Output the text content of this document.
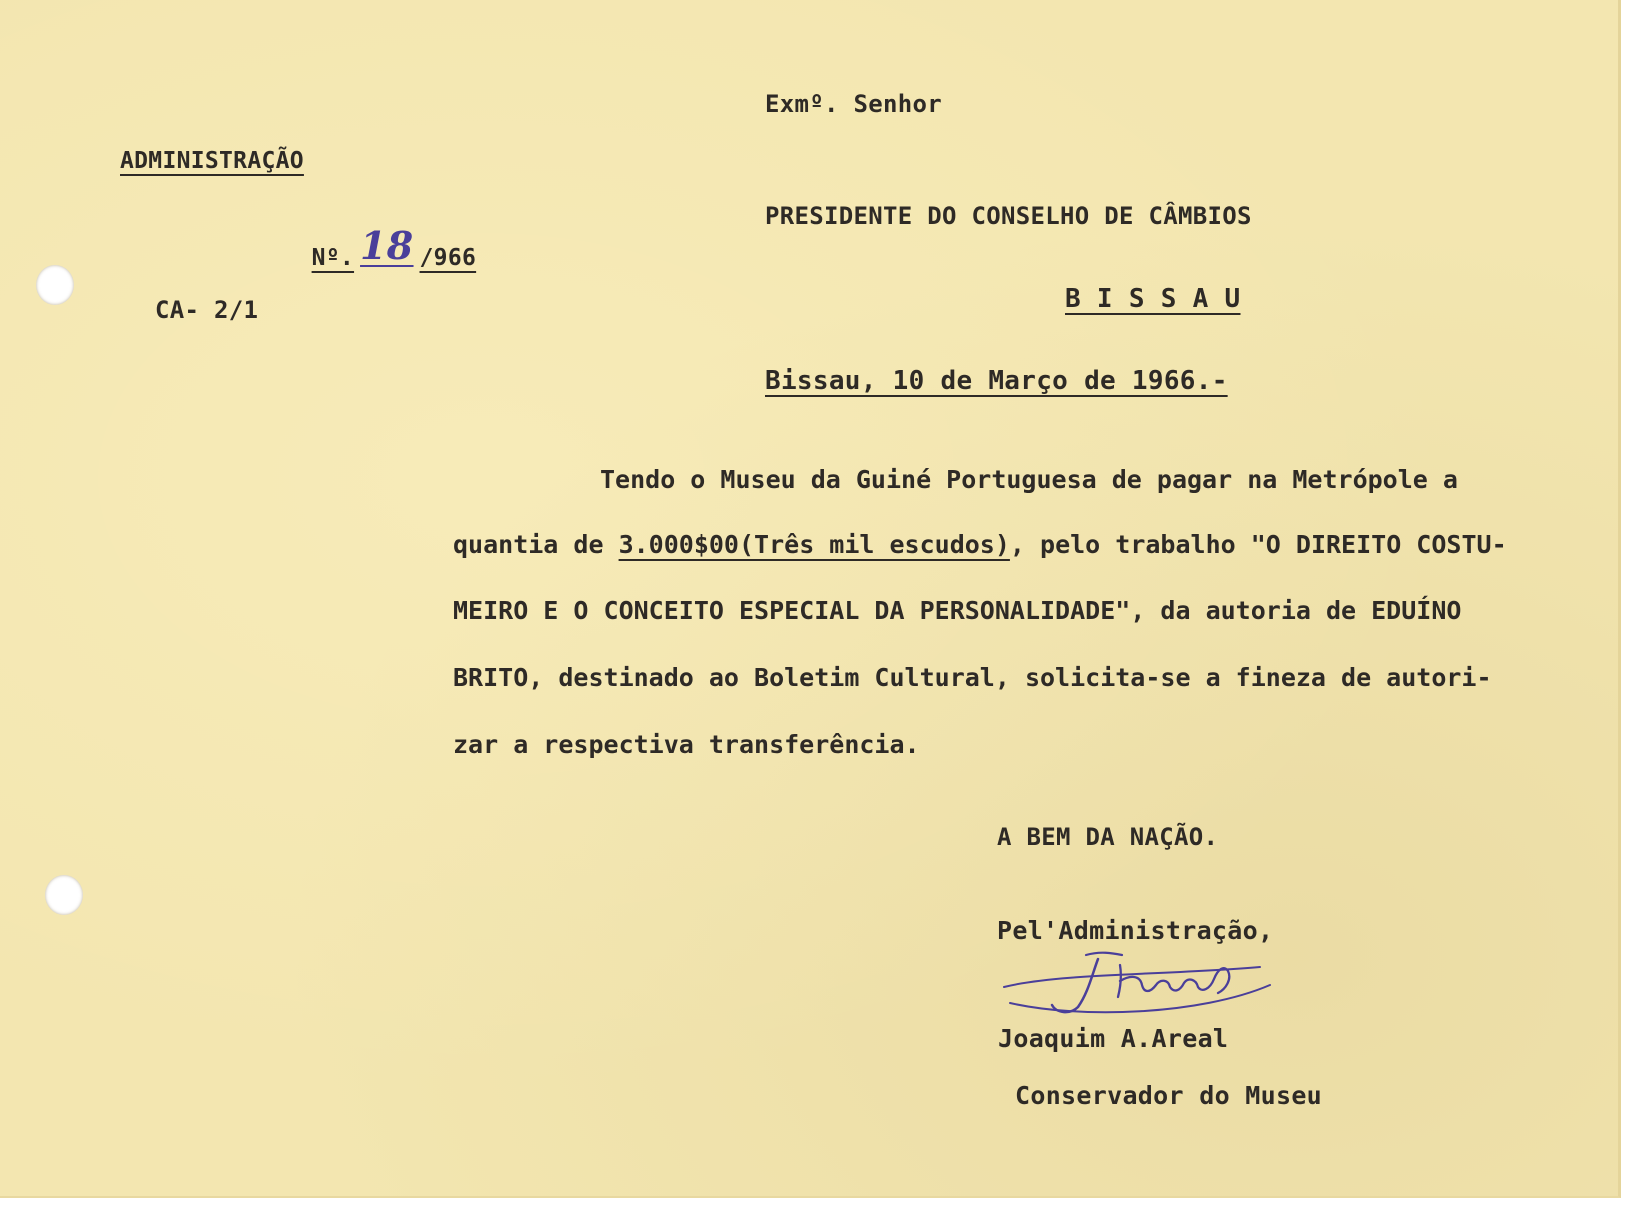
Exmº. Senhor
ADMINISTRAÇÃO

Nº. 18 /966

CA- 2/1
PRESIDENTE DO CONSELHO DE CÂMBIOS
B I S S A U
Bissau, 10 de Março de 1966.-
Tendo o Museu da Guiné Portuguesa de pagar na Metrópole a
quantia de 3.000$00(Três mil escudos), pelo trabalho "O DIREITO COSTU-
MEIRO E O CONCEITO ESPECIAL DA PERSONALIDADE", da autoria de EDUÍNO
BRITO, destinado ao Boletim Cultural, solicita-se a fineza de autori-
zar a respectiva transferência.
A BEM DA NAÇÃO.
Pel'Administração,
Joaquim A.Areal
Conservador do Museu
